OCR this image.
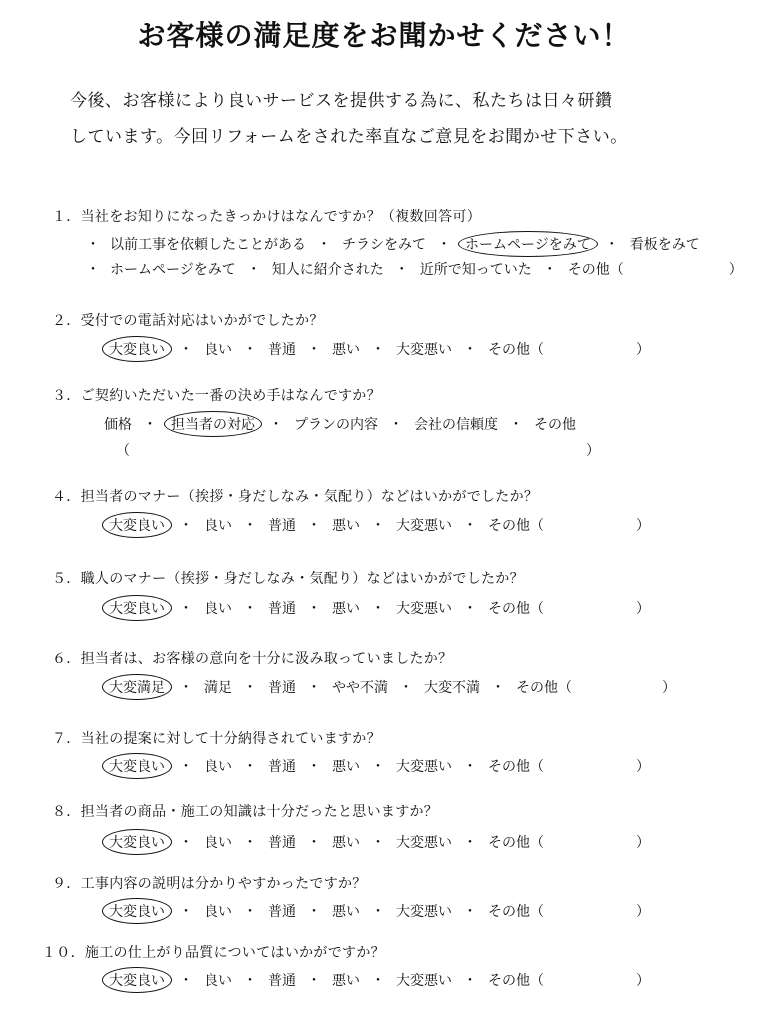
お客様の満足度をお聞かせください！
今後、お客様により良いサービスを提供する為に、私たちは日々研鑽
しています。今回リフォームをされた率直なご意見をお聞かせ下さい。
１．当社をお知りになったきっかけはなんですか？（複数回答可）
・ 以前工事を依頼したことがある ・ チラシをみて ・ ホームページをみて ・ 看板をみて
・ ホームページをみて ・ 知人に紹介された ・ 近所で知っていた ・ その他（	）
２．受付での電話対応はいかがでしたか？
大変良い ・ 良い ・ 普通 ・ 悪い ・ 大変悪い ・ その他（	）
３．ご契約いただいた一番の決め手はなんですか？
価格 ・ 担当者の対応 ・ プランの内容 ・ 会社の信頼度 ・ その他
（	）
４．担当者のマナー（挨拶・身だしなみ・気配り）などはいかがでしたか？
大変良い ・ 良い ・ 普通 ・ 悪い ・ 大変悪い ・ その他（	）
５．職人のマナー（挨拶・身だしなみ・気配り）などはいかがでしたか？
大変良い ・ 良い ・ 普通 ・ 悪い ・ 大変悪い ・ その他（	）
６．担当者は、お客様の意向を十分に汲み取っていましたか？
大変満足 ・ 満足 ・ 普通 ・ やや不満 ・ 大変不満 ・ その他（	）
７．当社の提案に対して十分納得されていますか？
大変良い ・ 良い ・ 普通 ・ 悪い ・ 大変悪い ・ その他（	）
８．担当者の商品・施工の知識は十分だったと思いますか？
大変良い ・ 良い ・ 普通 ・ 悪い ・ 大変悪い ・ その他（	）
９．工事内容の説明は分かりやすかったですか？
大変良い ・ 良い ・ 普通 ・ 悪い ・ 大変悪い ・ その他（	）
１０．施工の仕上がり品質についてはいかがですか？
大変良い ・ 良い ・ 普通 ・ 悪い ・ 大変悪い ・ その他（	）
